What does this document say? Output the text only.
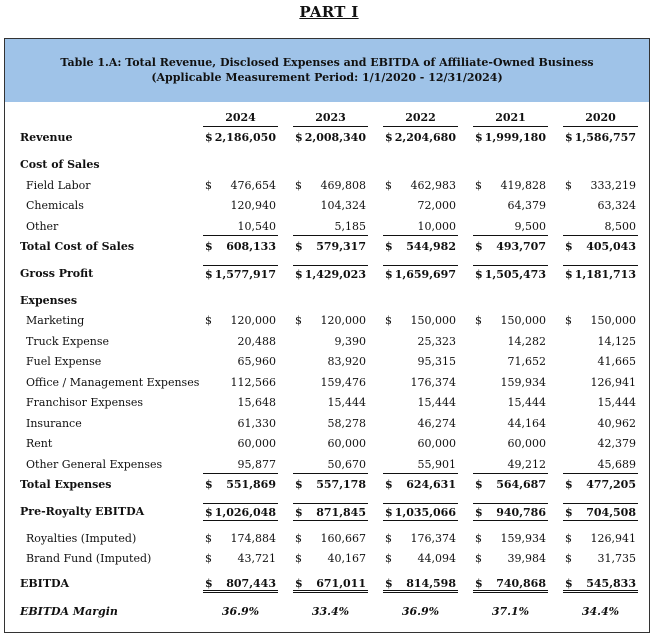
PART I
Table 1.A: Total Revenue, Disclosed Expenses and EBITDA of Affiliate-Owned Business
(Applicable Measurement Period: 1/1/2020 - 12/31/2024)
2024	2023	2022	2021	2020
Revenue	$ 2,186,050 $ 2,008,340 $ 2,204,680 $ 1,999,180 $ 1,586,757
Cost of Sales
Field Labor	$ 476,654 $ 469,808 $ 462,983 $ 419,828 $ 333,219
Chemicals	120,940	104,324	72,000	64,379	63,324
Other	10,540	5,185	10,000	9,500	8,500
Total Cost of Sales	$ 608,133 $ 579,317 $ 544,982 $ 493,707 $ 405,043
Gross Profit	$ 1,577,917 $ 1,429,023 $ 1,659,697 $ 1,505,473 $ 1,181,713
Expenses
Marketing	$ 120,000 $ 120,000 $ 150,000 $ 150,000 $ 150,000
Truck Expense	20,488	9,390	25,323	14,282	14,125
Fuel Expense	65,960	83,920	95,315	71,652	41,665
Office / Management Expenses	112,566	159,476	176,374	159,934	126,941
Franchisor Expenses	15,648	15,444	15,444	15,444	15,444
Insurance	61,330	58,278	46,274	44,164	40,962
Rent	60,000	60,000	60,000	60,000	42,379
Other General Expenses	95,877	50,670	55,901	49,212	45,689
Total Expenses	$ 551,869 $ 557,178 $ 624,631 $ 564,687 $ 477,205
Pre-Royalty EBITDA	$ 1,026,048 $ 871,845 $ 1,035,066 $ 940,786 $ 704,508
Royalties (Imputed)	$ 174,884 $ 160,667 $ 176,374 $ 159,934 $ 126,941
Brand Fund (Imputed)	$ 43,721 $ 40,167 $ 44,094 $ 39,984 $ 31,735
EBITDA	$ 807,443 $ 671,011 $ 814,598 $ 740,868 $ 545,833
EBITDA Margin	36.9%	33.4%	36.9%	37.1%	34.4%
